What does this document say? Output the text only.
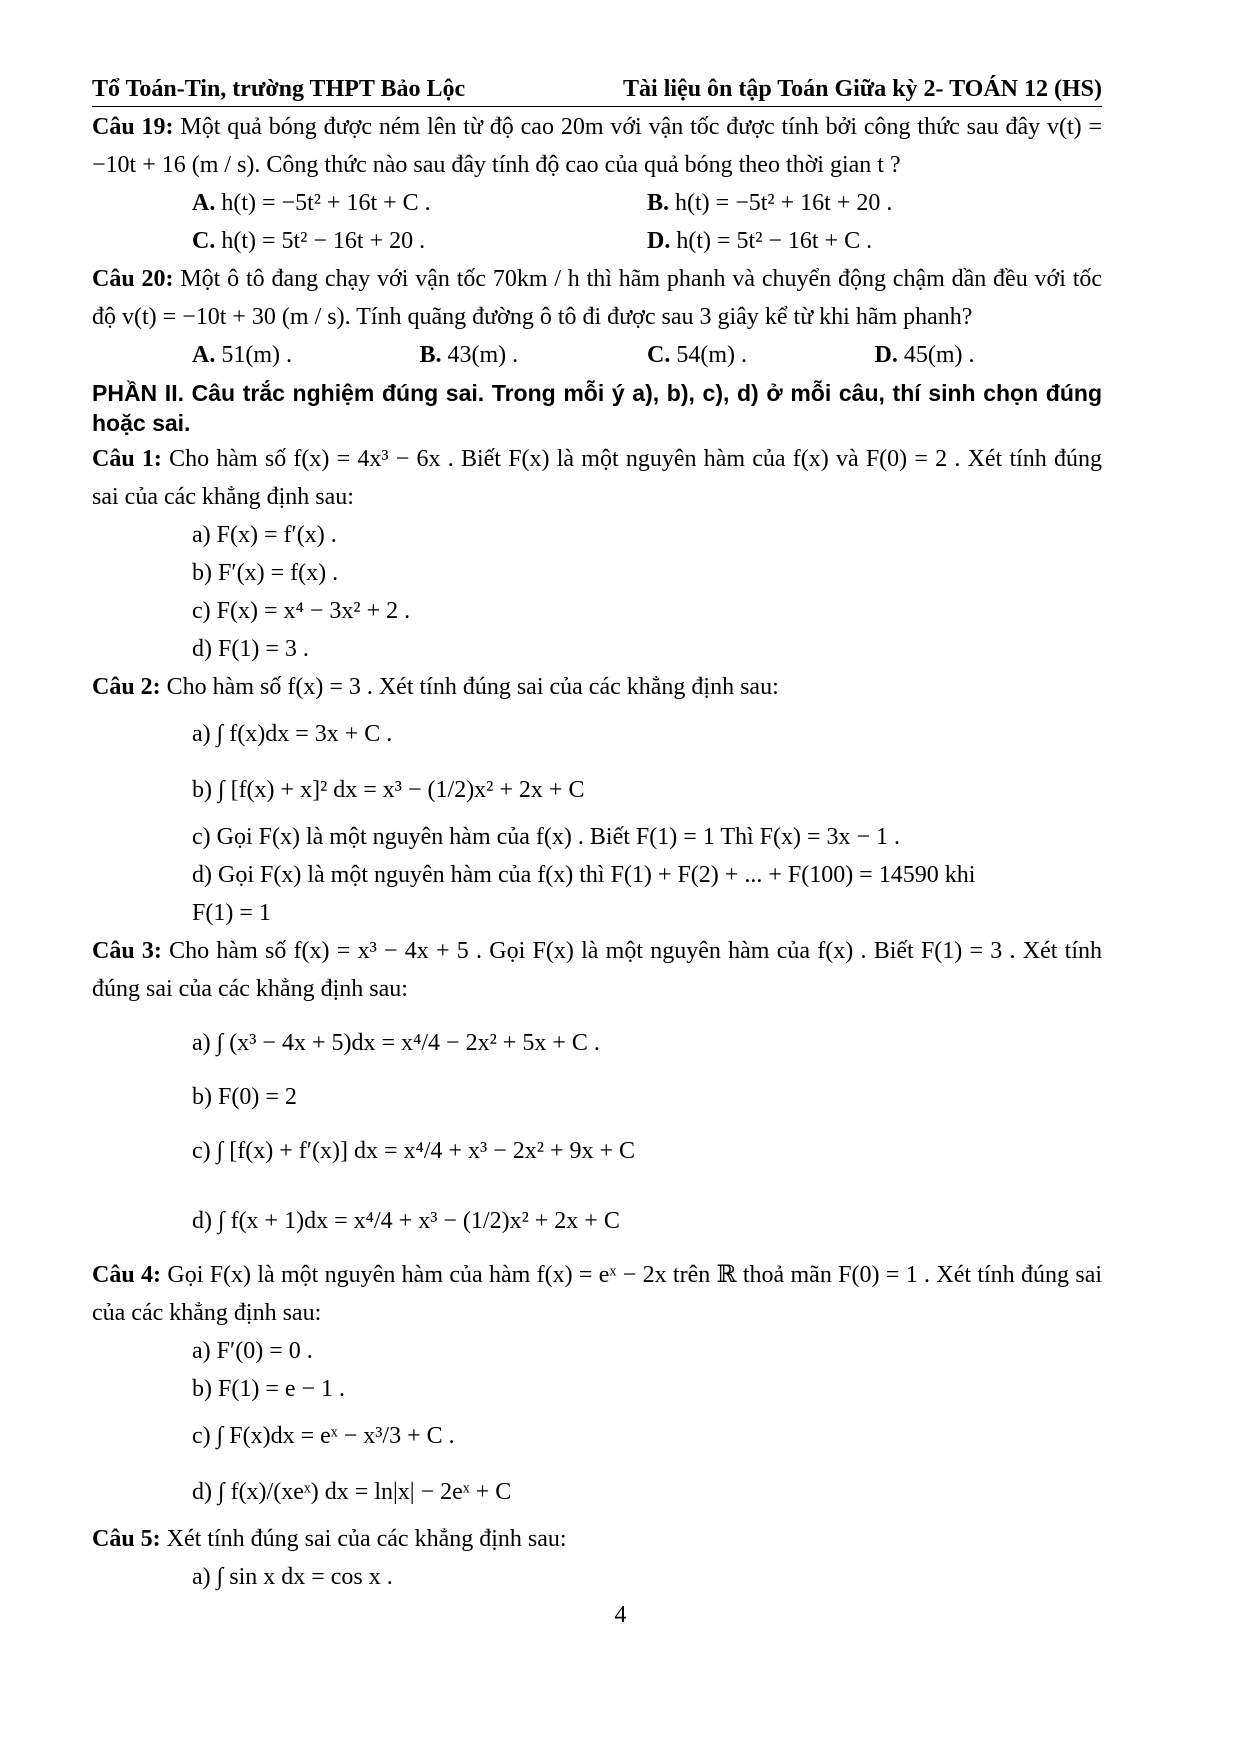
Tổ Toán-Tin, trường THPT Bảo Lộc	Tài liệu ôn tập Toán Giữa kỳ 2- TOÁN 12 (HS)

Câu 19: Một quả bóng được ném lên từ độ cao 20m với vận tốc được tính bởi công thức sau đây v(t) = −10t + 16 (m / s). Công thức nào sau đây tính độ cao của quả bóng theo thời gian t ?

A. h(t) = −5t² + 16t + C .	B. h(t) = −5t² + 16t + 20 .
C. h(t) = 5t² − 16t + 20 .	D. h(t) = 5t² − 16t + C .

Câu 20: Một ô tô đang chạy với vận tốc 70km / h thì hãm phanh và chuyển động chậm dần đều với tốc độ v(t) = −10t + 30 (m / s). Tính quãng đường ô tô đi được sau 3 giây kể từ khi hãm phanh?

A. 51(m) .	B. 43(m) .	C. 54(m) .	D. 45(m) .

PHẦN II. Câu trắc nghiệm đúng sai. Trong mỗi ý a), b), c), d) ở mỗi câu, thí sinh chọn đúng hoặc sai.

Câu 1: Cho hàm số f(x) = 4x³ − 6x . Biết F(x) là một nguyên hàm của f(x) và F(0) = 2 . Xét tính đúng sai của các khẳng định sau:

a) F(x) = f′(x) .

b) F′(x) = f(x) .

c) F(x) = x⁴ − 3x² + 2 .

d) F(1) = 3 .

Câu 2: Cho hàm số f(x) = 3 . Xét tính đúng sai của các khẳng định sau:

a) ∫ f(x)dx = 3x + C .

b) ∫ [f(x) + x]² dx = x³ − (1/2)x² + 2x + C

c) Gọi F(x) là một nguyên hàm của f(x) . Biết F(1) = 1 Thì F(x) = 3x − 1 .

d) Gọi F(x) là một nguyên hàm của f(x) thì F(1) + F(2) + ... + F(100) = 14590 khi

F(1) = 1

Câu 3: Cho hàm số f(x) = x³ − 4x + 5 . Gọi F(x) là một nguyên hàm của f(x) . Biết F(1) = 3 . Xét tính đúng sai của các khẳng định sau:

a) ∫ (x³ − 4x + 5)dx = x⁴/4 − 2x² + 5x + C .

b) F(0) = 2

c) ∫ [f(x) + f′(x)] dx = x⁴/4 + x³ − 2x² + 9x + C

d) ∫ f(x + 1)dx = x⁴/4 + x³ − (1/2)x² + 2x + C

Câu 4: Gọi F(x) là một nguyên hàm của hàm f(x) = eˣ − 2x trên ℝ thoả mãn F(0) = 1 . Xét tính đúng sai của các khẳng định sau:

a) F′(0) = 0 .

b) F(1) = e − 1 .

c) ∫ F(x)dx = eˣ − x³/3 + C .

d) ∫ f(x)/(xeˣ) dx = ln|x| − 2eˣ + C

Câu 5: Xét tính đúng sai của các khẳng định sau:

a) ∫ sin x dx = cos x .

4
